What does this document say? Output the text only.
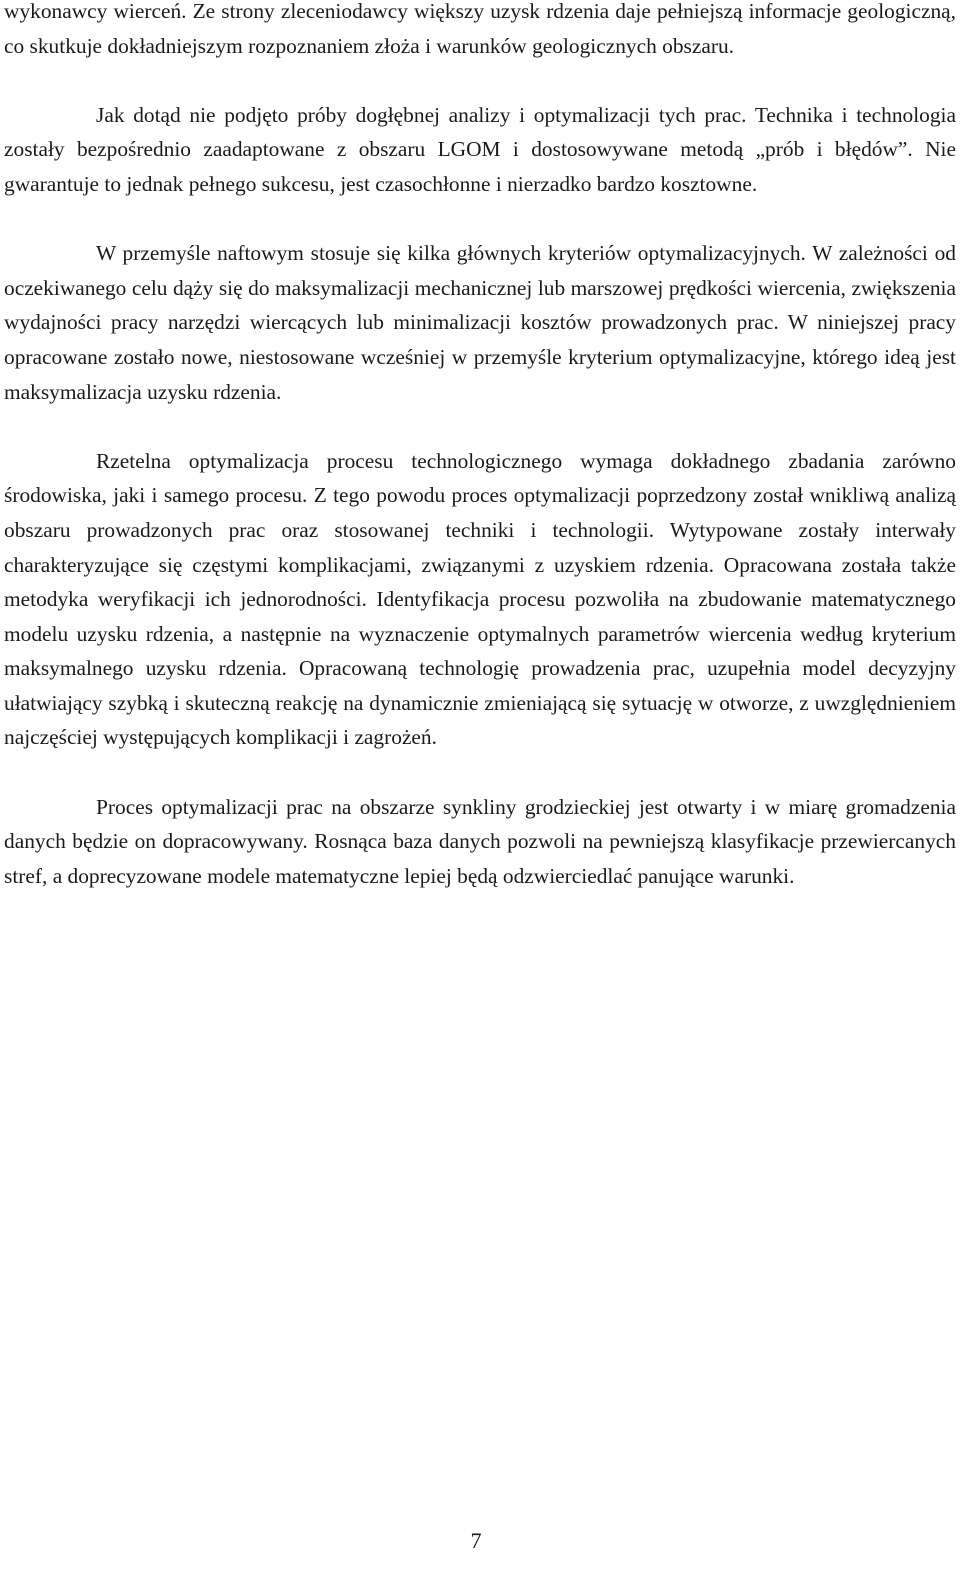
wykonawcy wierceń. Ze strony zleceniodawcy większy uzysk rdzenia daje pełniejszą informacje geologiczną, co skutkuje dokładniejszym rozpoznaniem złoża i warunków geologicznych obszaru.

Jak dotąd nie podjęto próby dogłębnej analizy i optymalizacji tych prac. Technika i technologia zostały bezpośrednio zaadaptowane z obszaru LGOM i dostosowywane metodą „prób i błędów”. Nie gwarantuje to jednak pełnego sukcesu, jest czasochłonne i nierzadko bardzo kosztowne.

W przemyśle naftowym stosuje się kilka głównych kryteriów optymalizacyjnych. W zależności od oczekiwanego celu dąży się do maksymalizacji mechanicznej lub marszowej prędkości wiercenia, zwiększenia wydajności pracy narzędzi wiercących lub minimalizacji kosztów prowadzonych prac. W niniejszej pracy opracowane zostało nowe, niestosowane wcześniej w przemyśle kryterium optymalizacyjne, którego ideą jest maksymalizacja uzysku rdzenia.

Rzetelna optymalizacja procesu technologicznego wymaga dokładnego zbadania zarówno środowiska, jaki i samego procesu. Z tego powodu proces optymalizacji poprzedzony został wnikliwą analizą obszaru prowadzonych prac oraz stosowanej techniki i technologii. Wytypowane zostały interwały charakteryzujące się częstymi komplikacjami, związanymi z uzyskiem rdzenia. Opracowana została także metodyka weryfikacji ich jednorodności. Identyfikacja procesu pozwoliła na zbudowanie matematycznego modelu uzysku rdzenia, a następnie na wyznaczenie optymalnych parametrów wiercenia według kryterium maksymalnego uzysku rdzenia. Opracowaną technologię prowadzenia prac, uzupełnia model decyzyjny ułatwiający szybką i skuteczną reakcję na dynamicznie zmieniającą się sytuację w otworze, z uwzględnieniem najczęściej występujących komplikacji i zagrożeń.

Proces optymalizacji prac na obszarze synkliny grodzieckiej jest otwarty i w miarę gromadzenia danych będzie on dopracowywany. Rosnąca baza danych pozwoli na pewniejszą klasyfikacje przewiercanych stref, a doprecyzowane modele matematyczne lepiej będą odzwierciedlać panujące warunki.

7
